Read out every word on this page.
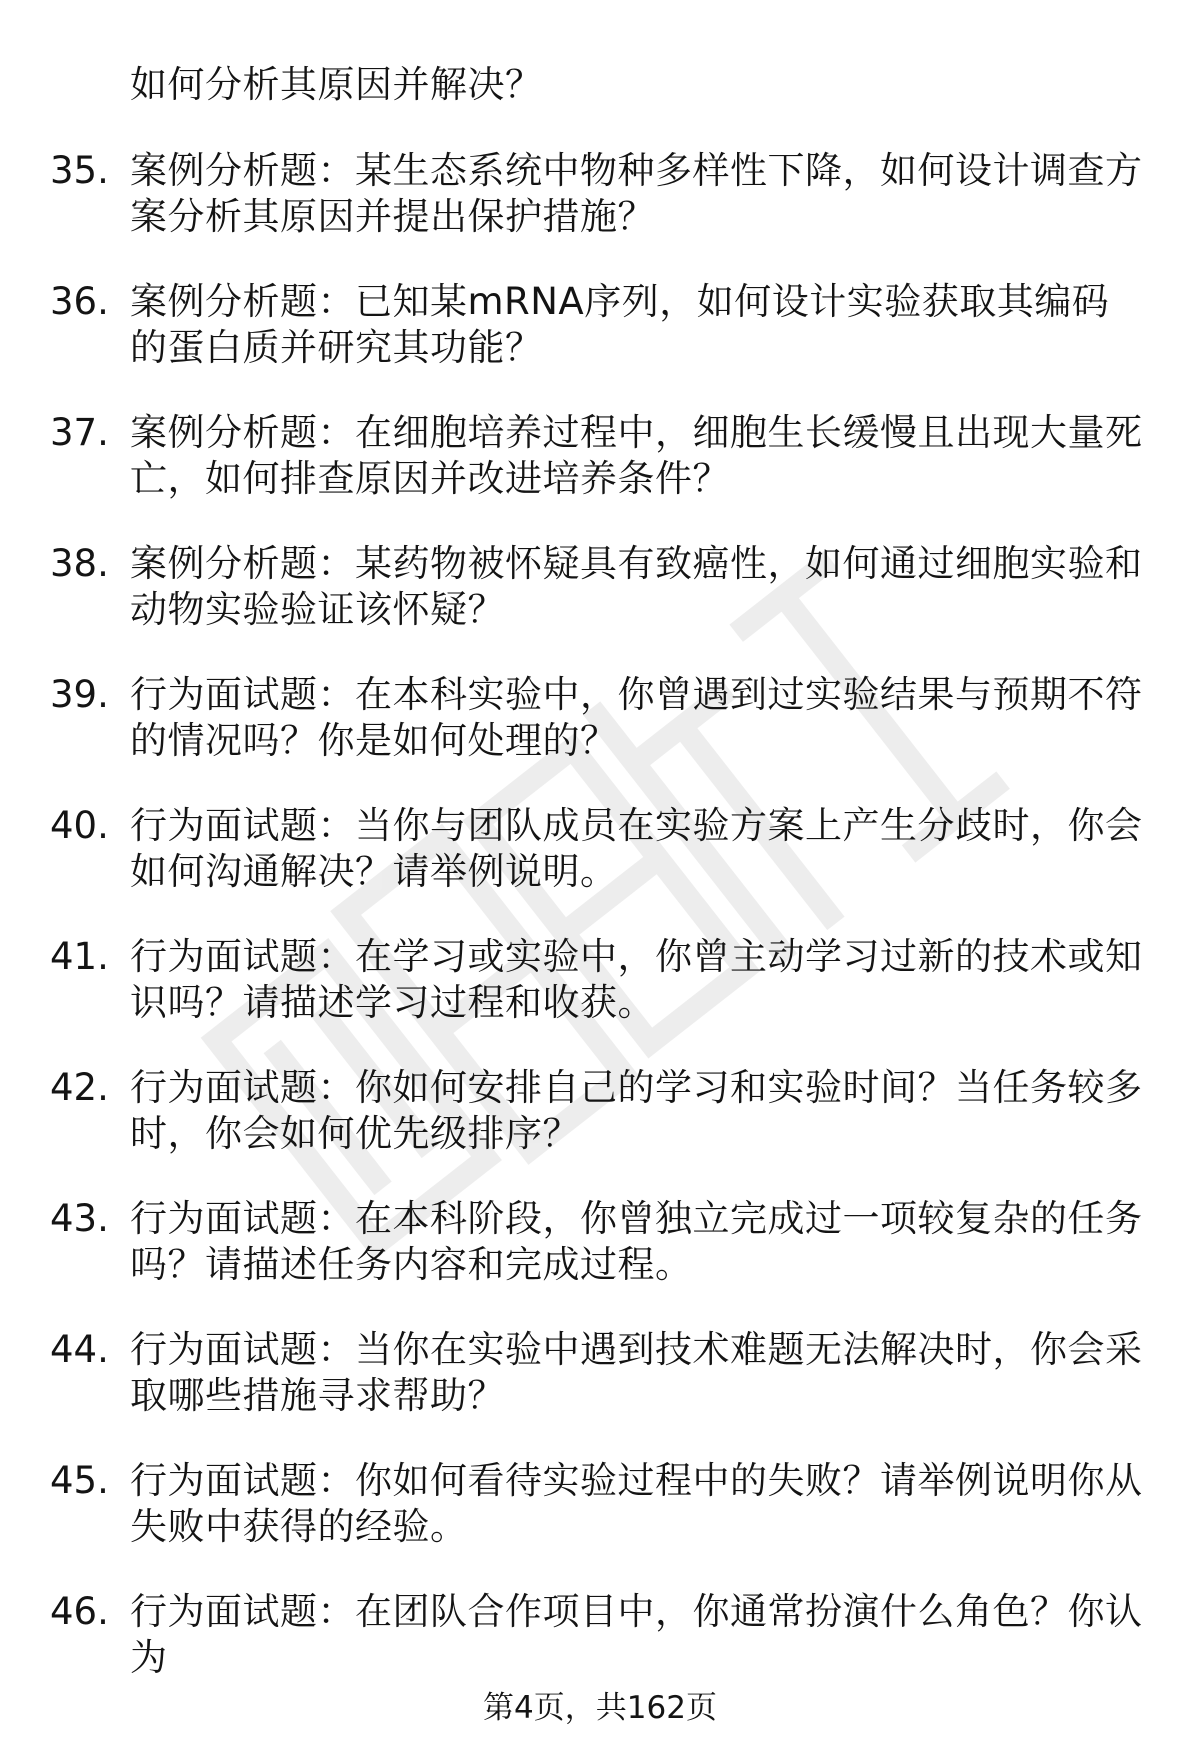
如何分析其原因并解决？
35. 案例分析题：某生态系统中物种多样性下降，如何设计调查方案分析其原因并提出保护措施？
36. 案例分析题：已知某mRNA序列，如何设计实验获取其编码的蛋白质并研究其功能？
37. 案例分析题：在细胞培养过程中，细胞生长缓慢且出现大量死亡，如何排查原因并改进培养条件？
38. 案例分析题：某药物被怀疑具有致癌性，如何通过细胞实验和动物实验验证该怀疑？
39. 行为面试题：在本科实验中，你曾遇到过实验结果与预期不符的情况吗？你是如何处理的？
40. 行为面试题：当你与团队成员在实验方案上产生分歧时，你会如何沟通解决？请举例说明。
41. 行为面试题：在学习或实验中，你曾主动学习过新的技术或知识吗？请描述学习过程和收获。
42. 行为面试题：你如何安排自己的学习和实验时间？当任务较多时，你会如何优先级排序？
43. 行为面试题：在本科阶段，你曾独立完成过一项较复杂的任务吗？请描述任务内容和完成过程。
44. 行为面试题：当你在实验中遇到技术难题无法解决时，你会采取哪些措施寻求帮助？
45. 行为面试题：你如何看待实验过程中的失败？请举例说明你从失败中获得的经验。
46. 行为面试题：在团队合作项目中，你通常扮演什么角色？你认为
第4页，共162页
